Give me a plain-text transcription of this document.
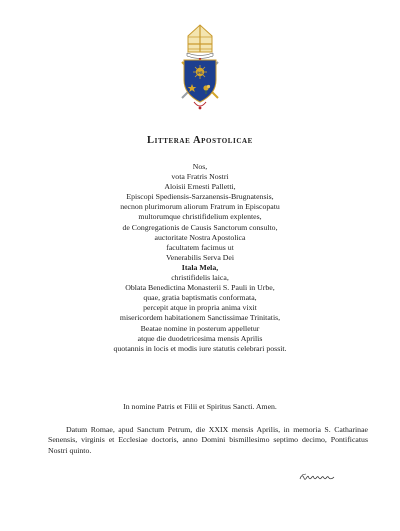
IHS
Litterae Apostolicae
Nos,
vota Fratris Nostri
Aloisii Ernesti Palletti,
Episcopi Spediensis-Sarzanensis-Brugnatensis,
necnon plurimorum aliorum Fratrum in Episcopatu
multorumque christifidelium explentes,
de Congregationis de Causis Sanctorum consulto,
auctoritate Nostra Apostolica
facultatem facimus ut
Venerabilis Serva Dei
Itala Mela,
christifidelis laica,
Oblata Benedictina Monasterii S. Pauli in Urbe,
quae, gratia baptismatis conformata,
percepit atque in propria anima vixit
misericordem habitationem Sanctissimae Trinitatis,
Beatae nomine in posterum appelletur
atque die duodetricesima mensis Aprilis
quotannis in locis et modis iure statutis celebrari possit.
In nomine Patris et Filii et Spiritus Sancti. Amen.
Datum Romae, apud Sanctum Petrum, die XXIX mensis Aprilis, in memoria S. Catharinae Senensis, virginis et Ecclesiae doctoris, anno Domini bismillesimo septimo decimo, Pontificatus Nostri quinto.
